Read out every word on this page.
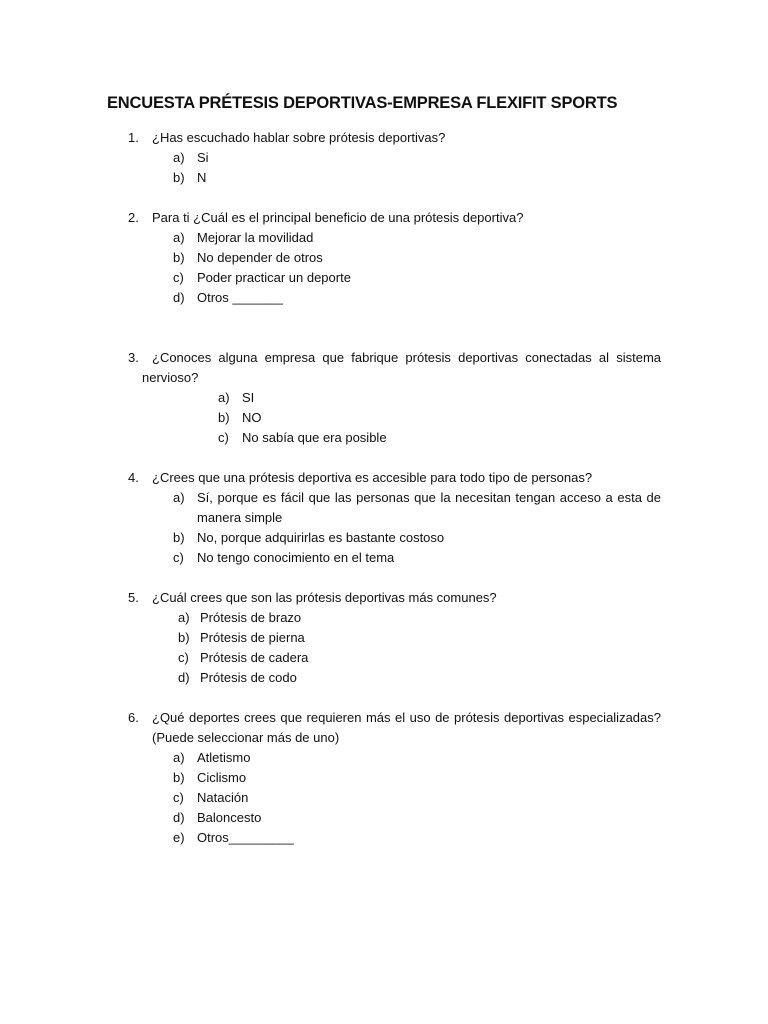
ENCUESTA PRÉTESIS DEPORTIVAS-EMPRESA FLEXIFIT SPORTS
1. ¿Has escuchado hablar sobre prótesis deportivas?
a) Si
b) N
2. Para ti ¿Cuál es el principal beneficio de una prótesis deportiva?
a) Mejorar la movilidad
b) No depender de otros
c) Poder practicar un deporte
d) Otros _______
3. ¿Conoces alguna empresa que fabrique prótesis deportivas conectadas al sistema
nervioso?
a) SI
b) NO
c) No sabía que era posible
4. ¿Crees que una prótesis deportiva es accesible para todo tipo de personas?
a) Sí, porque es fácil que las personas que la necesitan tengan acceso a esta de manera simple
b) No, porque adquirirlas es bastante costoso
c) No tengo conocimiento en el tema
5. ¿Cuál crees que son las prótesis deportivas más comunes?
a) Prótesis de brazo
b) Prótesis de pierna
c) Prótesis de cadera
d) Prótesis de codo
6. ¿Qué deportes crees que requieren más el uso de prótesis deportivas especializadas? (Puede seleccionar más de uno)
a) Atletismo
b) Ciclismo
c) Natación
d) Baloncesto
e) Otros_________
